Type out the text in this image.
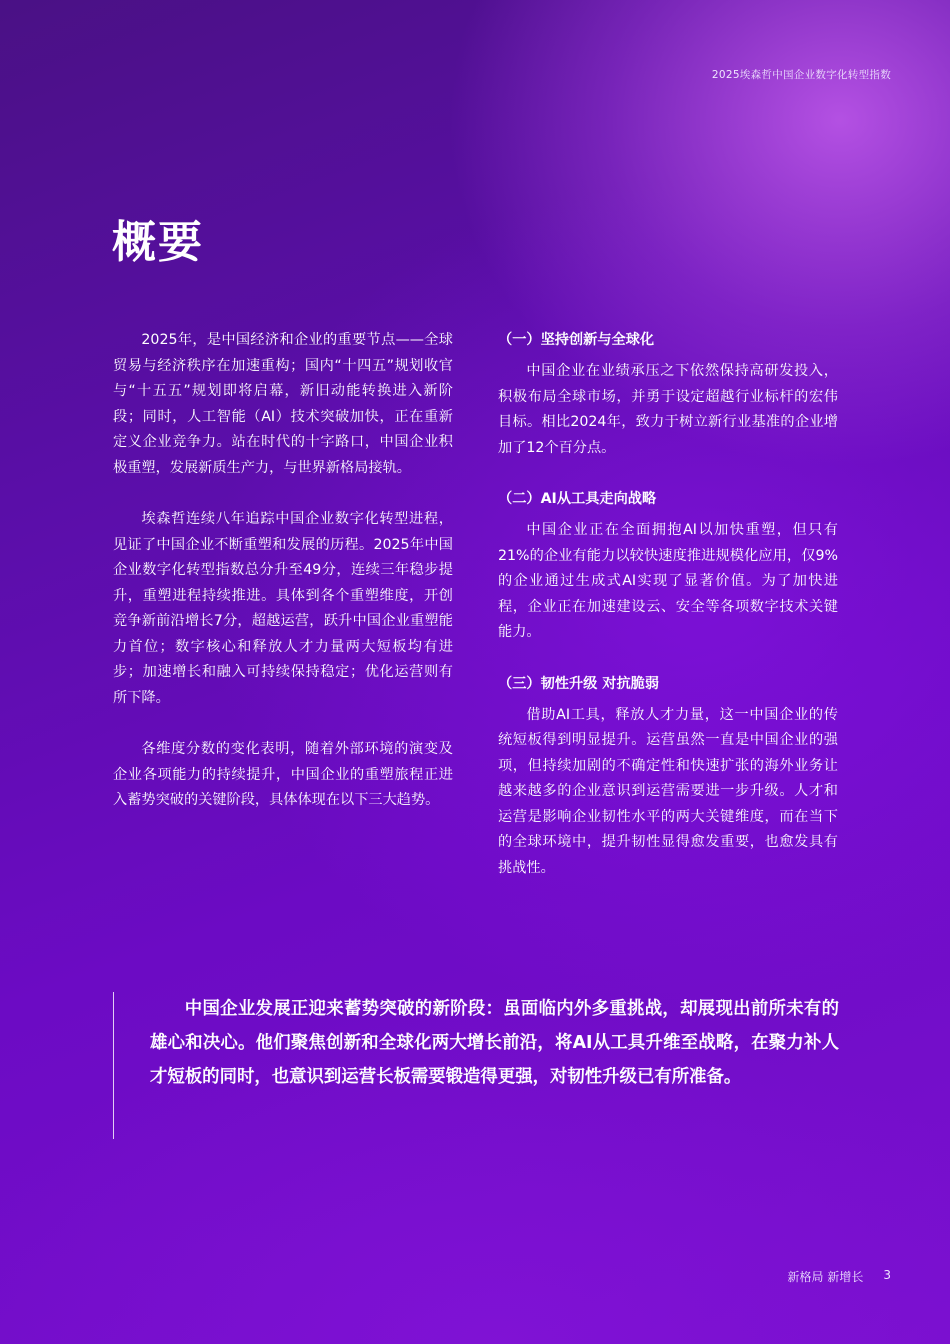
2025埃森哲中国企业数字化转型指数
概要

2025年，是中国经济和企业的重要节点——全球贸易与经济秩序在加速重构；国内“十四五”规划收官与“十五五”规划即将启幕，新旧动能转换进入新阶段；同时，人工智能（AI）技术突破加快，正在重新定义企业竞争力。站在时代的十字路口，中国企业积极重塑，发展新质生产力，与世界新格局接轨。

埃森哲连续八年追踪中国企业数字化转型进程，见证了中国企业不断重塑和发展的历程。2025年中国企业数字化转型指数总分升至49分，连续三年稳步提升，重塑进程持续推进。具体到各个重塑维度，开创竞争新前沿增长7分，超越运营，跃升中国企业重塑能力首位；数字核心和释放人才力量两大短板均有进步；加速增长和融入可持续保持稳定；优化运营则有所下降。

各维度分数的变化表明，随着外部环境的演变及企业各项能力的持续提升，中国企业的重塑旅程正进入蓄势突破的关键阶段，具体体现在以下三大趋势。

（一）坚持创新与全球化

中国企业在业绩承压之下依然保持高研发投入，积极布局全球市场，并勇于设定超越行业标杆的宏伟目标。相比2024年，致力于树立新行业基准的企业增加了12个百分点。

（二）AI从工具走向战略

中国企业正在全面拥抱AI以加快重塑，但只有21%的企业有能力以较快速度推进规模化应用，仅9%的企业通过生成式AI实现了显著价值。为了加快进程，企业正在加速建设云、安全等各项数字技术关键能力。

（三）韧性升级 对抗脆弱

借助AI工具，释放人才力量，这一中国企业的传统短板得到明显提升。运营虽然一直是中国企业的强项，但持续加剧的不确定性和快速扩张的海外业务让越来越多的企业意识到运营需要进一步升级。人才和运营是影响企业韧性水平的两大关键维度，而在当下的全球环境中，提升韧性显得愈发重要，也愈发具有挑战性。

中国企业发展正迎来蓄势突破的新阶段：虽面临内外多重挑战，却展现出前所未有的雄心和决心。他们聚焦创新和全球化两大增长前沿，将AI从工具升维至战略，在聚力补人才短板的同时，也意识到运营长板需要锻造得更强，对韧性升级已有所准备。

新格局 新增长 3
